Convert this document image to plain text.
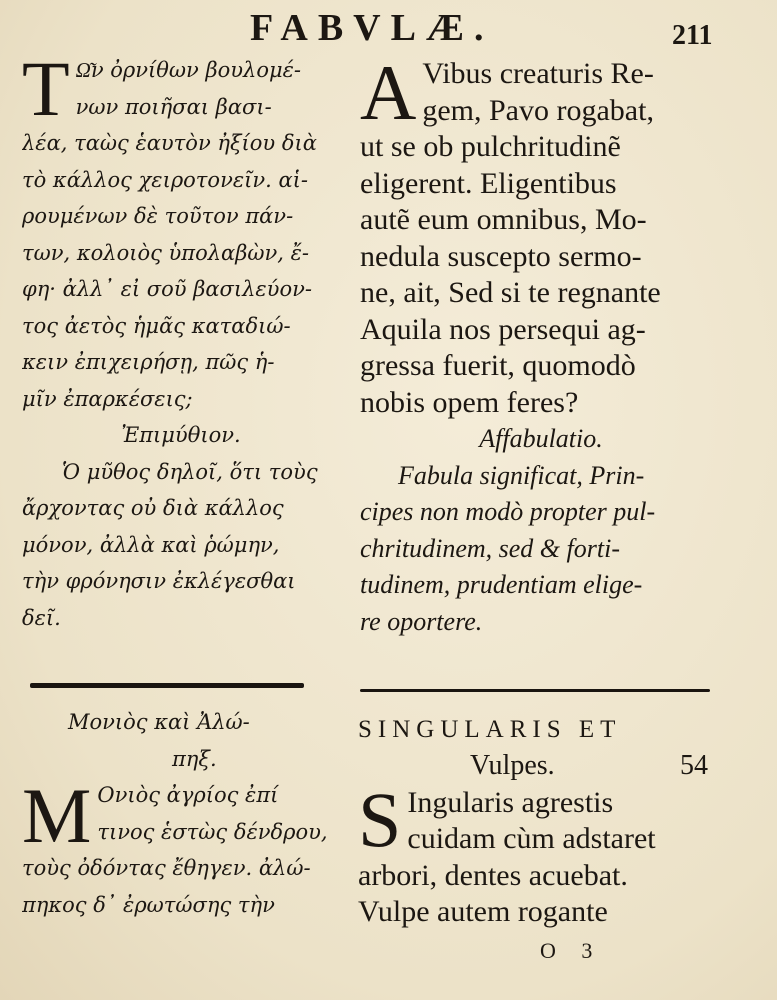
FABVLÆ.	211
Τ Ω͂ν ὀρνίθων βουλομέ-
νων ποιῆσαι βασι-
λέα, ταὼς ἑαυτὸν ἠξίου διὰ
τὸ κάλλος χειροτονεῖν. αἱ-
ρουμένων δὲ τοῦτον πάν-
των, κολοιὸς ὑπολαβὼν, ἔ-
φη· ἀλλ᾽ εἰ σοῦ βασιλεύον-
τος ἀετὸς ἡμᾶς καταδιώ-
κειν ἐπιχειρήσῃ, πῶς ἡ-
μῖν ἐπαρκέσεις;
Ἐπιμύθιον.
Ὁ μῦθος δηλοῖ, ὅτι τοὺς
ἄρχοντας οὐ διὰ κάλλος
μόνον, ἀλλὰ καὶ ῥώμην,
τὴν φρόνησιν ἐκλέγεσθαι
δεῖ.
A Vibus creaturis Re-
gem, Pavo rogabat,
ut se ob pulchritudinẽ
eligerent. Eligentibus
autẽ eum omnibus, Mo-
nedula suscepto sermo-
ne, ait, Sed si te regnante
Aquila nos persequi ag-
gressa fuerit, quomodò
nobis opem feres?
Affabulatio.
Fabula significat, Prin-
cipes non modò propter pul-
chritudinem, sed & forti-
tudinem, prudentiam elige-
re oportere.
Μονιὸς καὶ Ἀλώ-
πηξ.
Μ Ονιὸς ἀγρίος ἐπί
τινος ἑστὼς δένδρου,
τοὺς ὀδόντας ἔθηγεν. ἀλώ-
πηκος δ᾽ ἐρωτώσης τὴν
SINGULARIS ET
Vulpes.	54
S Ingularis agrestis
cuidam cùm adstaret
arbori, dentes acuebat.
Vulpe autem rogante
O 3
